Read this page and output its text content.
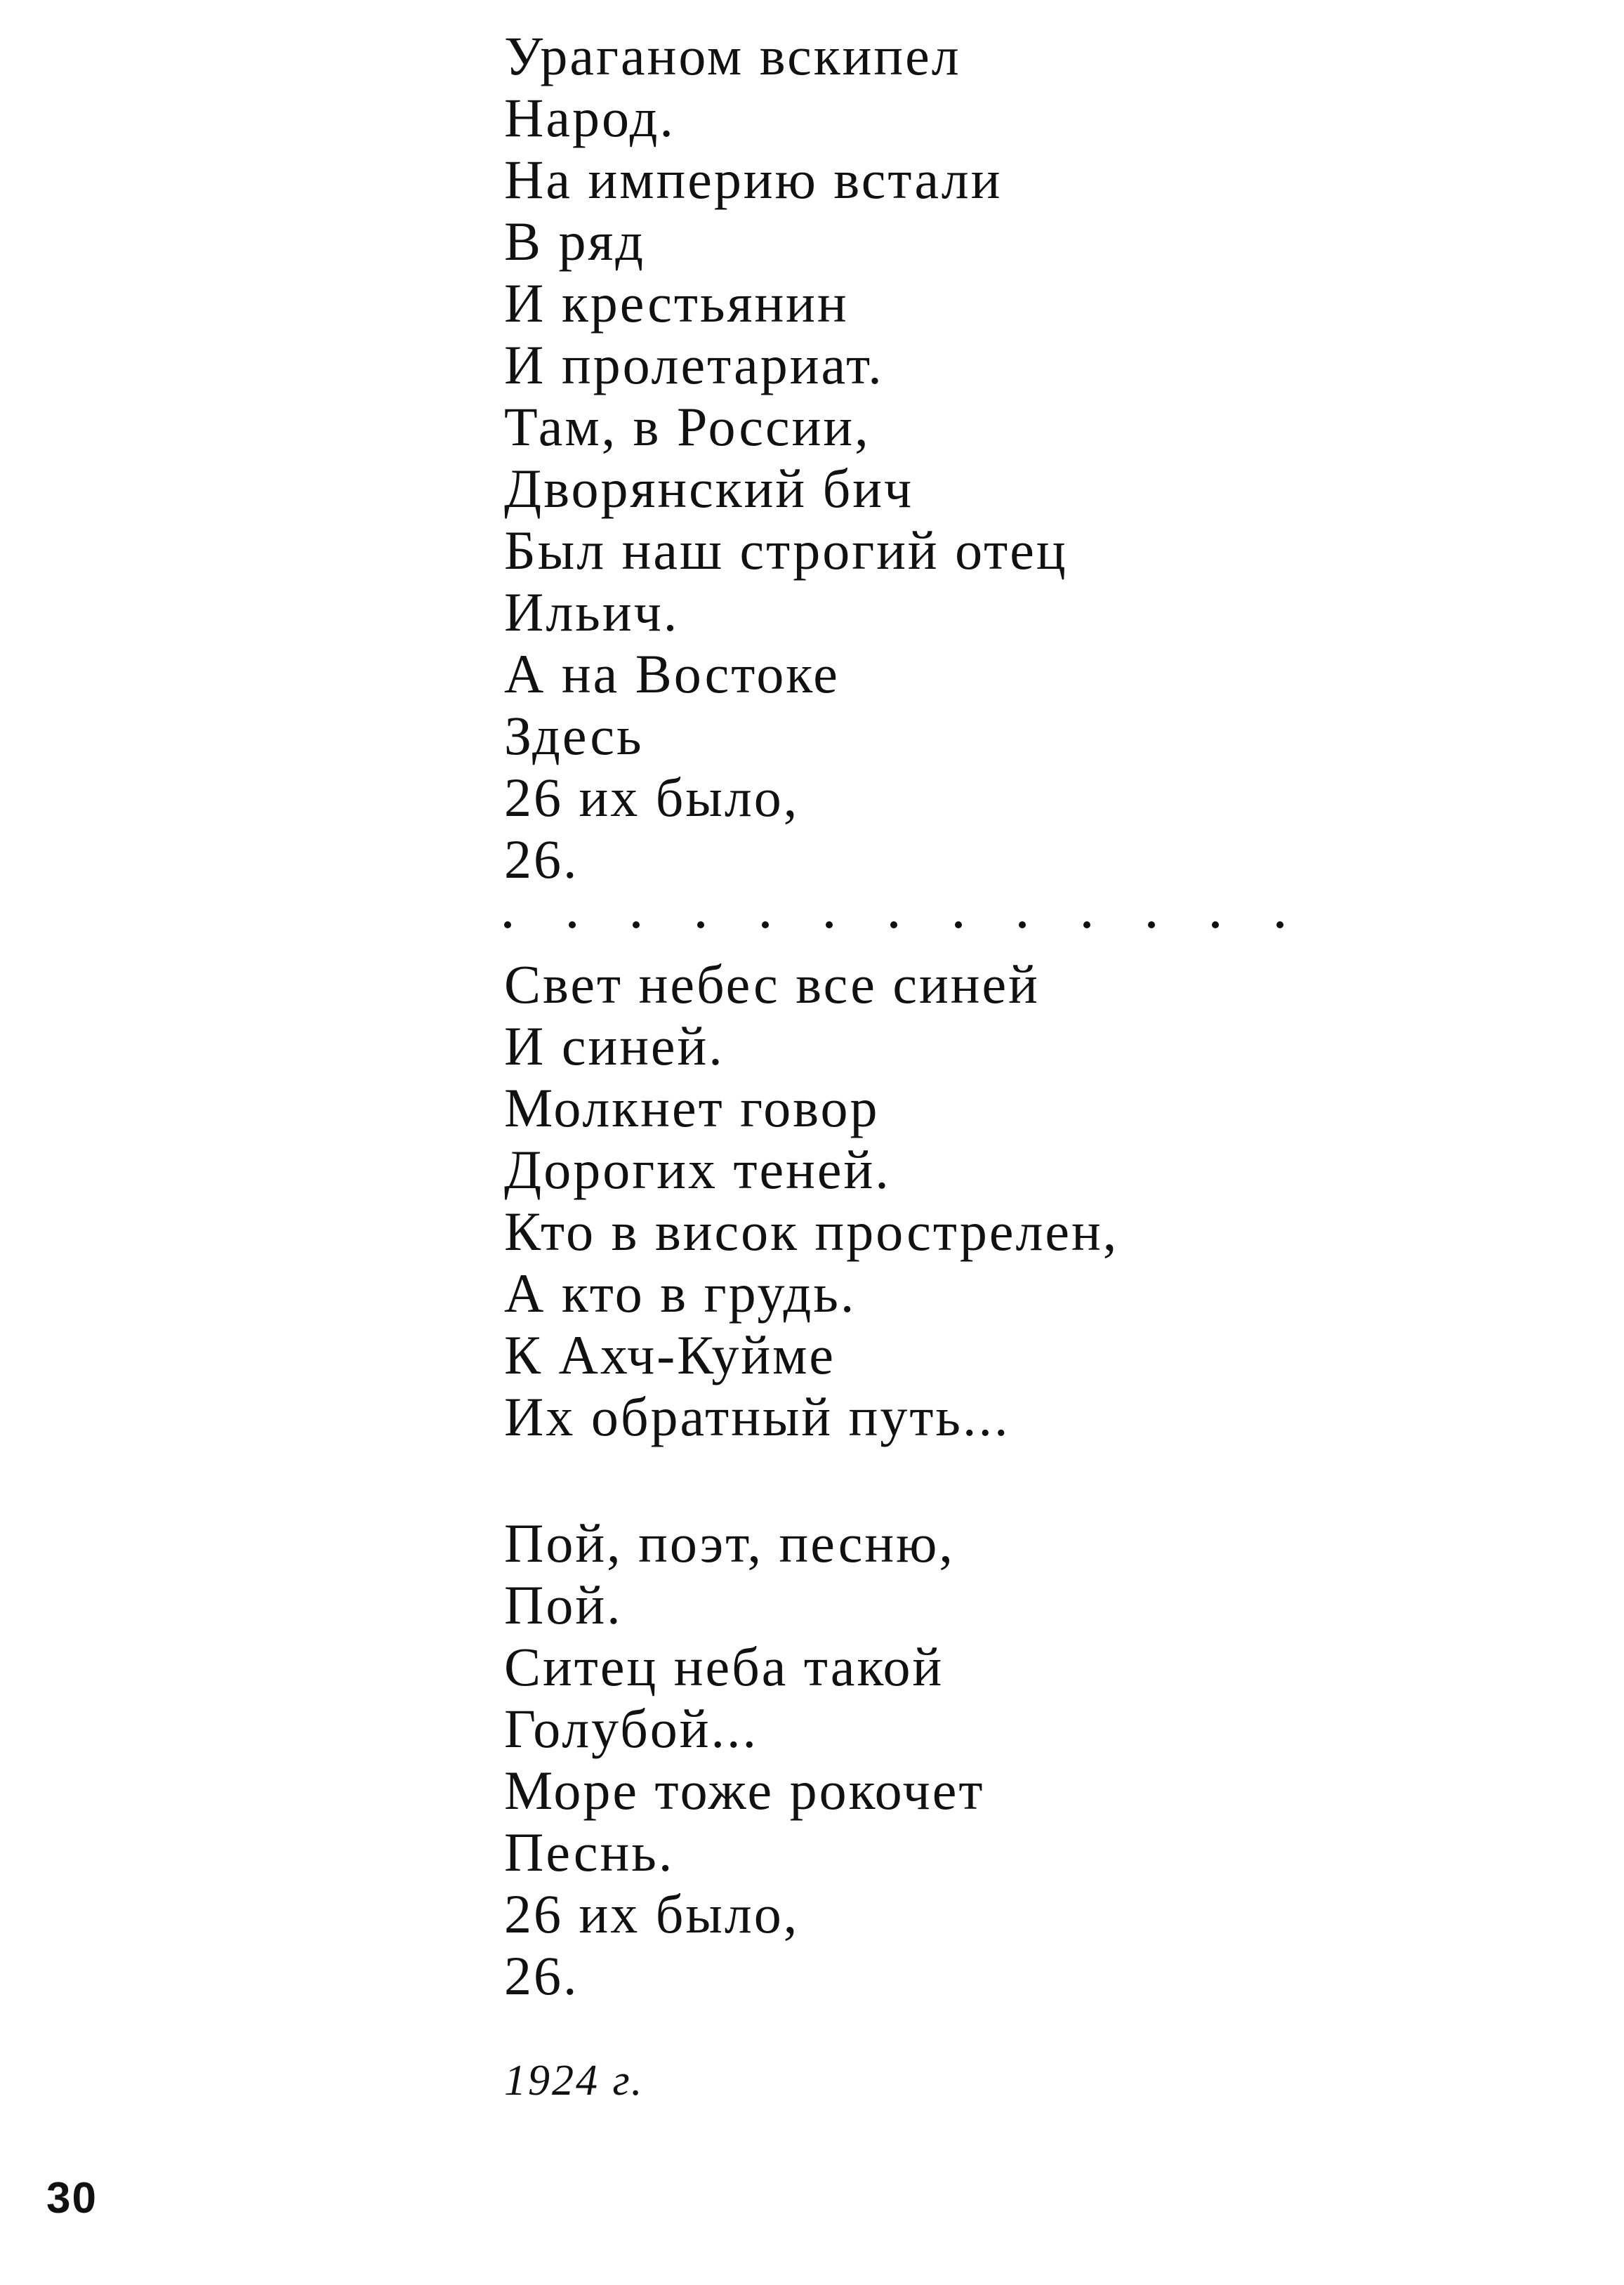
Ураганом вскипел
Народ.
На империю встали
В ряд
И крестьянин
И пролетариат.
Там, в России,
Дворянский бич
Был наш строгий отец
Ильич.
А на Востоке
Здесь
26 их было,
26.
Свет небес все синей
И синей.
Молкнет говор
Дорогих теней.
Кто в висок прострелен,
А кто в грудь.
К Ахч-Куйме
Их обратный путь...
Пой, поэт, песню,
Пой.
Ситец неба такой
Голубой...
Море тоже рокочет
Песнь.
26 их было,
26.
1924 г.
30
